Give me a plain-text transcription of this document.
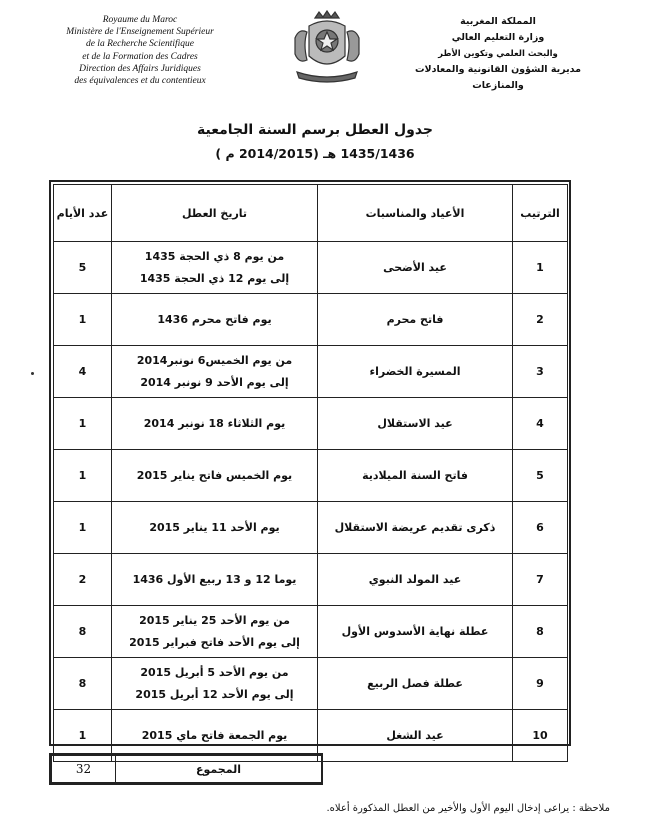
Royaume du Maroc
Ministère de l'Enseignement Supérieur
de la Recherche Scientifique
et de la Formation des Cadres
Direction des Affairs Juridiques
des équivalences et du contentieux
المملكة المغربية
وزارة التعليم العالي
والبحث العلمي وتكوين الأطر
مديرية الشؤون القانونية والمعادلات والمنازعات
جدول العطل برسم السنة الجامعية
1435/1436 هـ (2014/2015 م )
الترتيب	الأعياد والمناسبات	تاريخ العطل	عدد الأيام
1	عيد الأضحى	من يوم 8 ذي الحجة 1435
إلى يوم 12 ذي الحجة 1435	5
2	فاتح محرم	يوم فاتح محرم 1436	1
3	المسيرة الخضراء	من يوم الخميس6 نونبر2014
إلى يوم الأحد 9 نونبر 2014	4
4	عيد الاستقلال	يوم الثلاثاء 18 نونبر 2014	1
5	فاتح السنة الميلادية	يوم الخميس فاتح يناير 2015	1
6	ذكرى تقديم عريضة الاستقلال	يوم الأحد 11 يناير 2015	1
7	عيد المولد النبوي	يوما 12 و 13 ربيع الأول 1436	2
8	عطلة نهاية الأسدوس الأول	من يوم الأحد 25 يناير 2015
إلى يوم الأحد فاتح فبراير 2015	8
9	عطلة فصل الربيع	من يوم الأحد 5 أبريل 2015
إلى يوم الأحد 12 أبريل 2015	8
10	عيد الشغل	يوم الجمعة فاتح ماي 2015	1
المجموع	32
ملاحظة : يراعى إدخال اليوم الأول والأخير من العطل المذكورة أعلاه.
